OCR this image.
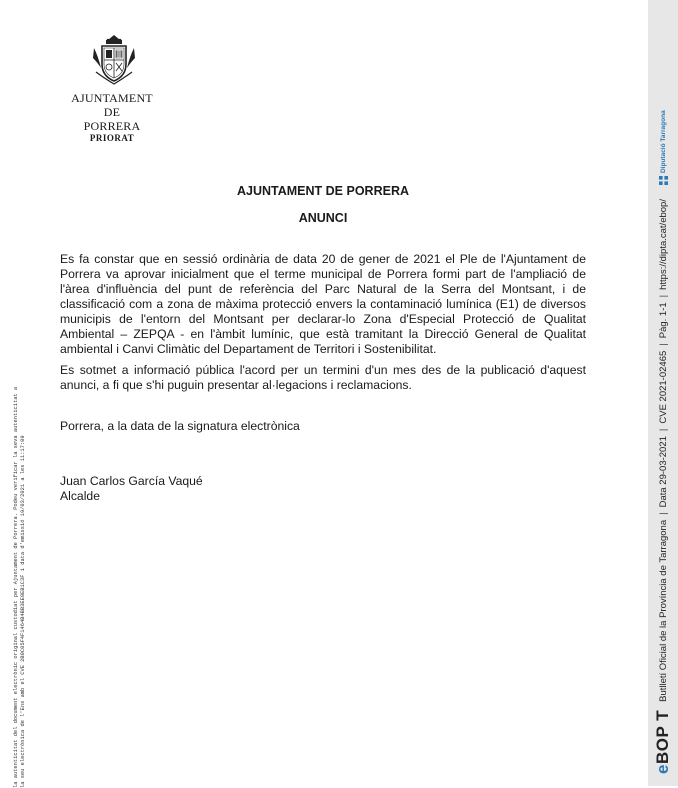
AJUNTAMENT
DE
PORRERA
PRIORAT
AJUNTAMENT DE PORRERA
ANUNCI
Es fa constar que en sessió ordinària de data 20 de gener de 2021 el Ple de l'Ajuntament de Porrera va aprovar inicialment que el terme municipal de Porrera formi part de l'ampliació de l'àrea d'influència del punt de referència del Parc Natural de la Serra del Montsant, i de classificació com a zona de màxima protecció envers la contaminació lumínica (E1) de diversos municipis de l'entorn del Montsant per declarar-lo Zona d'Especial Protecció de Qualitat Ambiental – ZEPQA - en l'àmbit lumínic, que està tramitant la Direcció General de Qualitat ambiental i Canvi Climàtic del Departament de Territori i Sostenibilitat.
Es sotmet a informació pública l'acord per un termini d'un mes des de la publicació d'aquest anunci, a fi que s'hi puguin presentar al·legacions i reclamacions.
Porrera, a la data de la signatura electrònica
Juan Carlos García Vaqué
Alcalde
la autenticitat del document electrònic original custodiat per Ajuntament de Porrera. Podeu verificar la seva autenticitat a la seu electrònica de l'Ens amb el CVE 2B0C05F4F1464B4BB3EE0EB1C3F i data d'emissió 19/03/2021 a les 11:17:09	eBOP T
Butlletí Oficial de la Província de Tarragona
|
Data 29-03-2021
|
CVE 2021-02465
|
Pàg. 1-1
|
https://dipta.cat/ebop/
Diputació Tarragona
